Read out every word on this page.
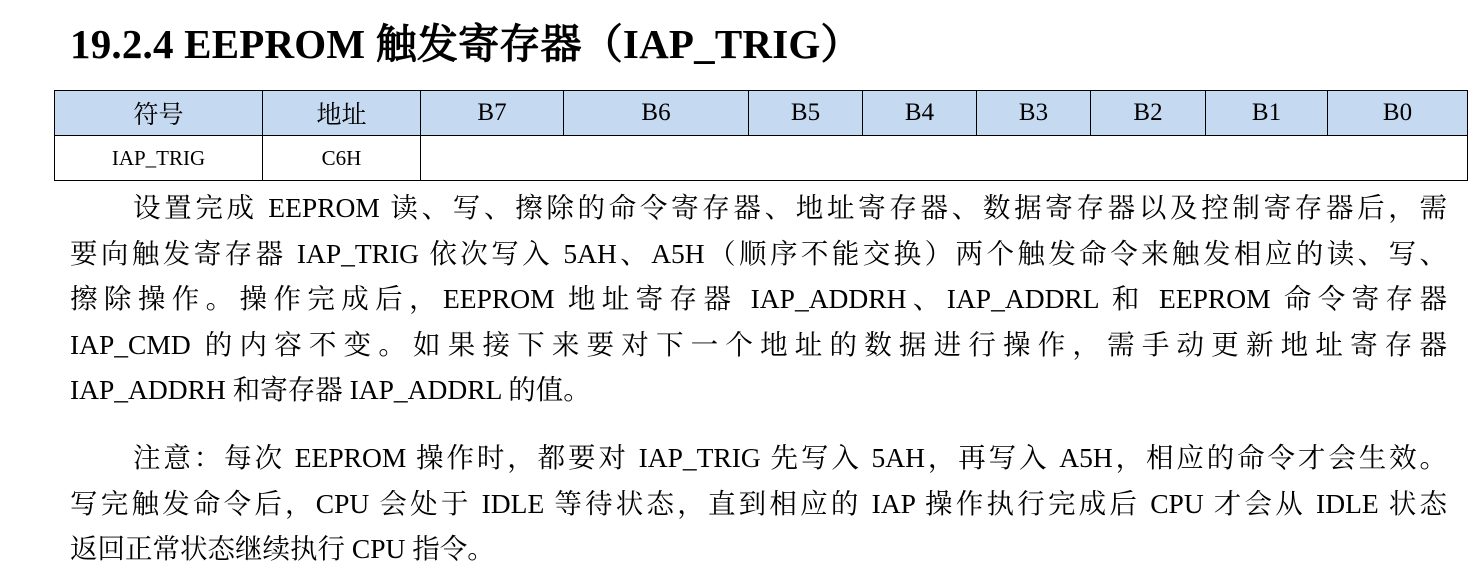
19.2.4 EEPROM 触发寄存器（IAP_TRIG）
符号	地址	B7	B6	B5	B4	B3	B2	B1	B0
IAP_TRIG	C6H								
设置完成 EEPROM 读、写、擦除的命令寄存器、地址寄存器、数据寄存器以及控制寄存器后，需
要向触发寄存器 IAP_TRIG 依次写入 5AH、A5H（顺序不能交换）两个触发命令来触发相应的读、写、
擦除操作。操作完成后，EEPROM 地址寄存器 IAP_ADDRH、IAP_ADDRL 和 EEPROM 命令寄存器
IAP_CMD 的内容不变。如果接下来要对下一个地址的数据进行操作，需手动更新地址寄存器
IAP_ADDRH 和寄存器 IAP_ADDRL 的值。
注意：每次 EEPROM 操作时，都要对 IAP_TRIG 先写入 5AH，再写入 A5H，相应的命令才会生效。
写完触发命令后，CPU 会处于 IDLE 等待状态，直到相应的 IAP 操作执行完成后 CPU 才会从 IDLE 状态
返回正常状态继续执行 CPU 指令。
